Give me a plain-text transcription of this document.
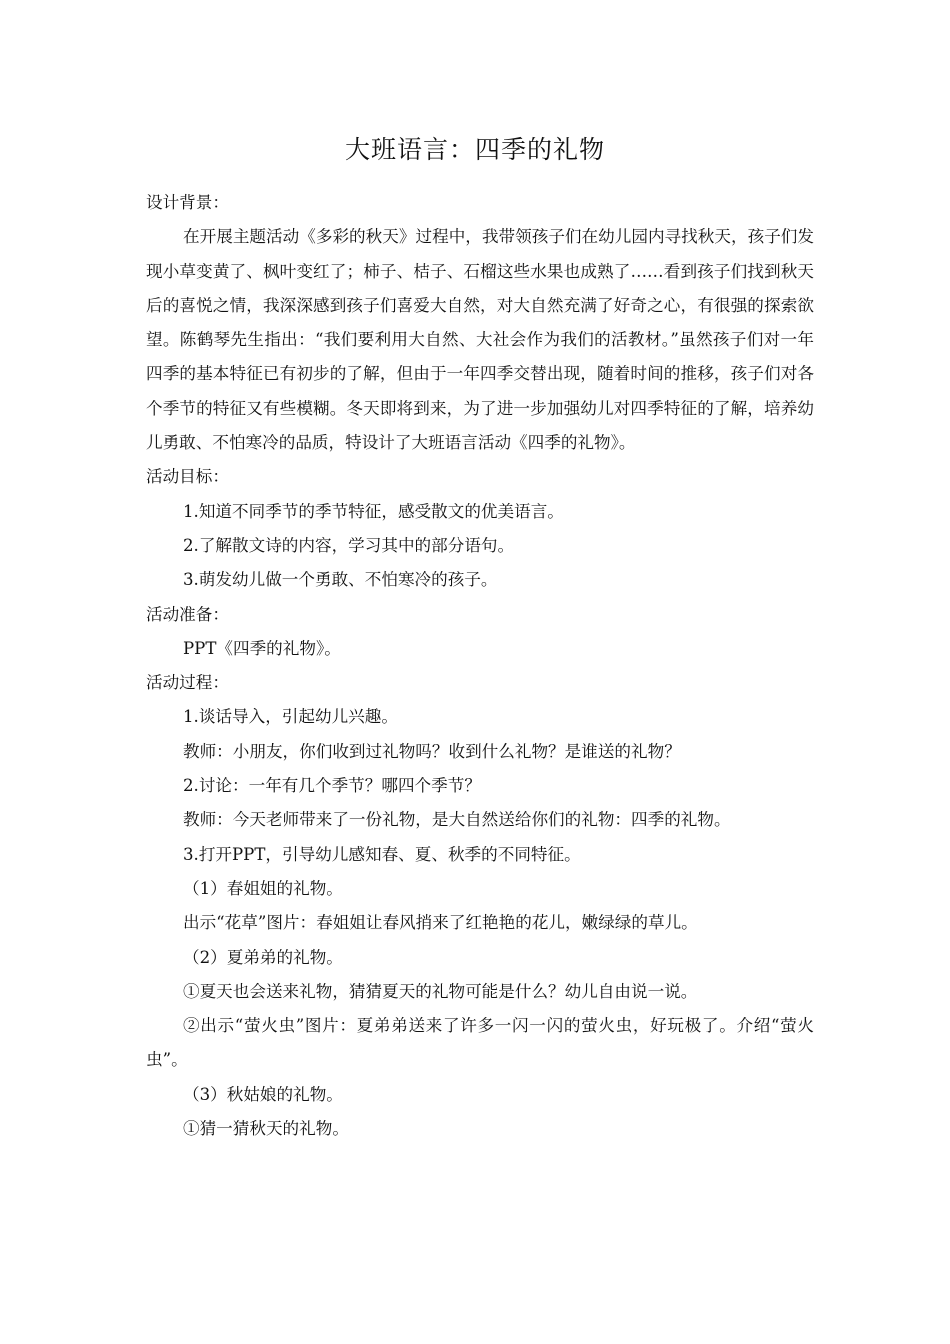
大班语言：四季的礼物

设计背景：

在开展主题活动《多彩的秋天》过程中，我带领孩子们在幼儿园内寻找秋天，孩子们发现小草变黄了、枫叶变红了；柿子、桔子、石榴这些水果也成熟了……看到孩子们找到秋天后的喜悦之情，我深深感到孩子们喜爱大自然，对大自然充满了好奇之心，有很强的探索欲望。陈鹤琴先生指出：“我们要利用大自然、大社会作为我们的活教材。”虽然孩子们对一年四季的基本特征已有初步的了解，但由于一年四季交替出现，随着时间的推移，孩子们对各个季节的特征又有些模糊。冬天即将到来，为了进一步加强幼儿对四季特征的了解，培养幼儿勇敢、不怕寒冷的品质，特设计了大班语言活动《四季的礼物》。

活动目标：

1.知道不同季节的季节特征，感受散文的优美语言。

2.了解散文诗的内容，学习其中的部分语句。

3.萌发幼儿做一个勇敢、不怕寒冷的孩子。

活动准备：

PPT《四季的礼物》。

活动过程：

1.谈话导入，引起幼儿兴趣。

教师：小朋友，你们收到过礼物吗？收到什么礼物？是谁送的礼物？

2.讨论：一年有几个季节？哪四个季节？

教师：今天老师带来了一份礼物，是大自然送给你们的礼物：四季的礼物。

3.打开PPT，引导幼儿感知春、夏、秋季的不同特征。

（1）春姐姐的礼物。

出示“花草”图片：春姐姐让春风捎来了红艳艳的花儿，嫩绿绿的草儿。

（2）夏弟弟的礼物。

①夏天也会送来礼物，猜猜夏天的礼物可能是什么？幼儿自由说一说。

②出示“萤火虫”图片：夏弟弟送来了许多一闪一闪的萤火虫，好玩极了。介绍“萤火虫”。

（3）秋姑娘的礼物。

①猜一猜秋天的礼物。
